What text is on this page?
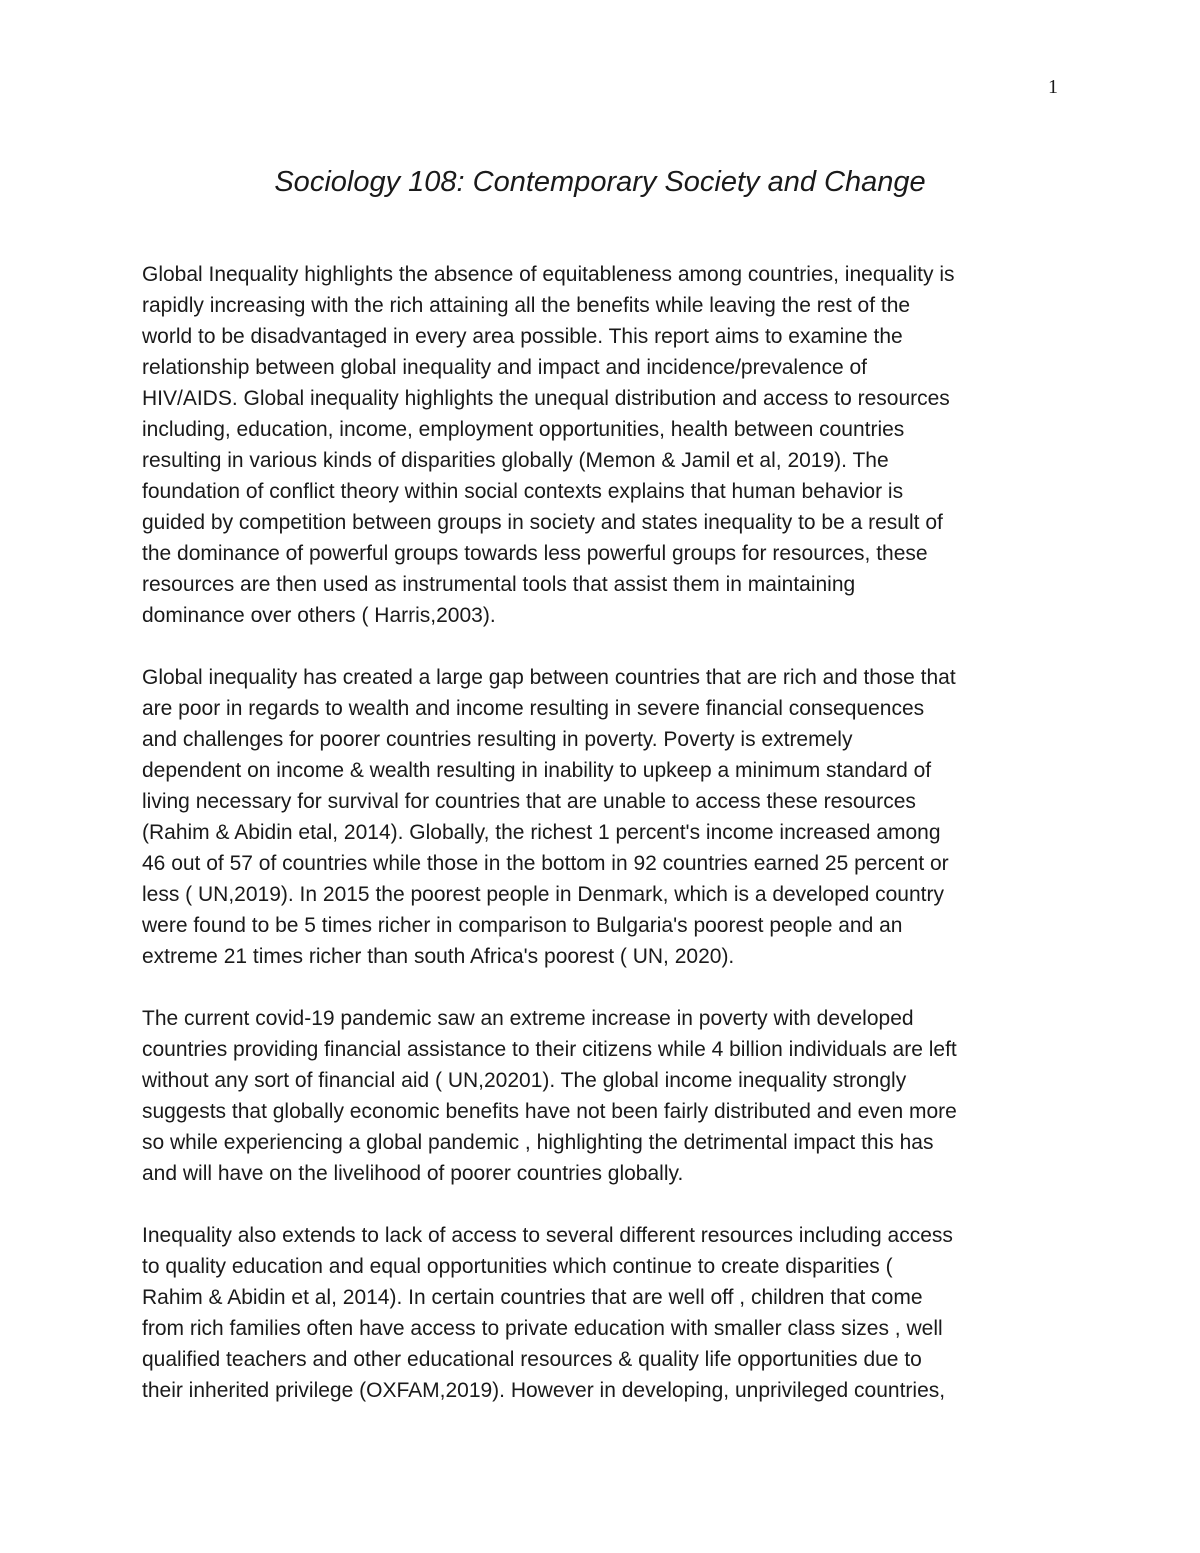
1
Sociology 108: Contemporary Society and Change

Global Inequality highlights the absence of equitableness among countries, inequality is
rapidly increasing with the rich attaining all the benefits while leaving the rest of the
world to be disadvantaged in every area possible. This report aims to examine the
relationship between global inequality and impact and incidence/prevalence of
HIV/AIDS. Global inequality highlights the unequal distribution and access to resources
including, education, income, employment opportunities, health between countries
resulting in various kinds of disparities globally (Memon & Jamil et al, 2019). The
foundation of conflict theory within social contexts explains that human behavior is
guided by competition between groups in society and states inequality to be a result of
the dominance of powerful groups towards less powerful groups for resources, these
resources are then used as instrumental tools that assist them in maintaining
dominance over others ( Harris,2003).

Global inequality has created a large gap between countries that are rich and those that
are poor in regards to wealth and income resulting in severe financial consequences
and challenges for poorer countries resulting in poverty. Poverty is extremely
dependent on income & wealth resulting in inability to upkeep a minimum standard of
living necessary for survival for countries that are unable to access these resources
(Rahim & Abidin etal, 2014). Globally, the richest 1 percent's income increased among
46 out of 57 of countries while those in the bottom in 92 countries earned 25 percent or
less ( UN,2019). In 2015 the poorest people in Denmark, which is a developed country
were found to be 5 times richer in comparison to Bulgaria's poorest people and an
extreme 21 times richer than south Africa's poorest ( UN, 2020).

The current covid-19 pandemic saw an extreme increase in poverty with developed
countries providing financial assistance to their citizens while 4 billion individuals are left
without any sort of financial aid ( UN,20201). The global income inequality strongly
suggests that globally economic benefits have not been fairly distributed and even more
so while experiencing a global pandemic , highlighting the detrimental impact this has
and will have on the livelihood of poorer countries globally.

Inequality also extends to lack of access to several different resources including access
to quality education and equal opportunities which continue to create disparities (
Rahim & Abidin et al, 2014). In certain countries that are well off , children that come
from rich families often have access to private education with smaller class sizes , well
qualified teachers and other educational resources & quality life opportunities due to
their inherited privilege (OXFAM,2019). However in developing, unprivileged countries,
